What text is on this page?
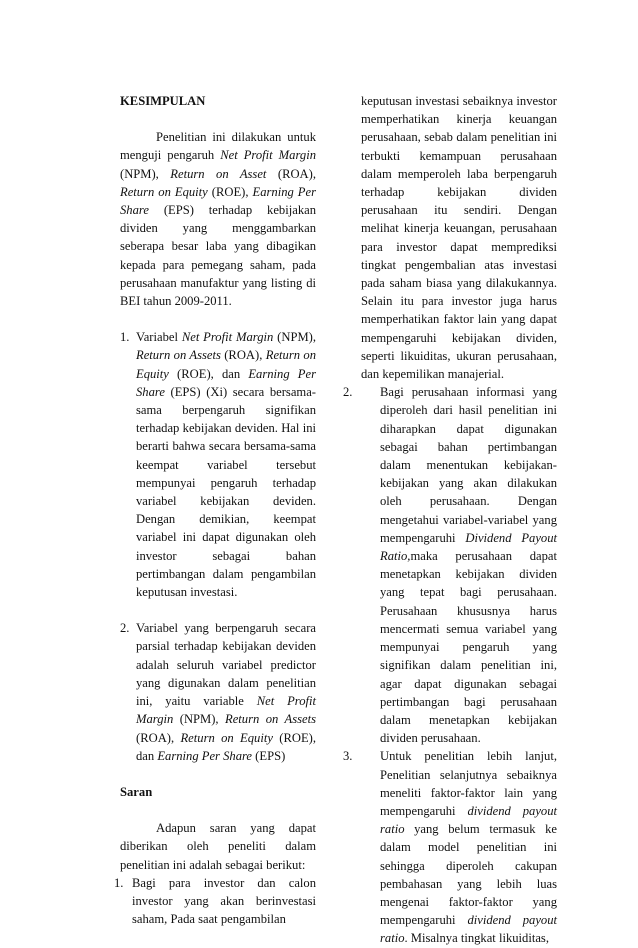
KESIMPULAN

Penelitian ini dilakukan untuk menguji pengaruh Net Profit Margin (NPM), Return on Asset (ROA), Return on Equity (ROE), Earning Per Share (EPS) terhadap kebijakan dividen yang menggambarkan seberapa besar laba yang dibagikan kepada para pemegang saham, pada perusahaan manufaktur yang listing di BEI tahun 2009-2011.

1. Variabel Net Profit Margin (NPM), Return on Assets (ROA), Return on Equity (ROE), dan Earning Per Share (EPS) (Xi) secara bersama-sama berpengaruh signifikan terhadap kebijakan deviden. Hal ini berarti bahwa secara bersama-sama keempat variabel tersebut mempunyai pengaruh terhadap variabel kebijakan deviden. Dengan demikian, keempat variabel ini dapat digunakan oleh investor sebagai bahan pertimbangan dalam pengambilan keputusan investasi.
2. Variabel yang berpengaruh secara parsial terhadap kebijakan deviden adalah seluruh variabel predictor yang digunakan dalam penelitian ini, yaitu variable Net Profit Margin (NPM), Return on Assets (ROA), Return on Equity (ROE), dan Earning Per Share (EPS)

Saran

Adapun saran yang dapat diberikan oleh peneliti dalam penelitian ini adalah sebagai berikut:

1. Bagi para investor dan calon investor yang akan berinvestasi saham, Pada saat pengambilan

keputusan investasi sebaiknya investor memperhatikan kinerja keuangan perusahaan, sebab dalam penelitian ini terbukti kemampuan perusahaan dalam memperoleh laba berpengaruh terhadap kebijakan dividen perusahaan itu sendiri. Dengan melihat kinerja keuangan, perusahaan para investor dapat memprediksi tingkat pengembalian atas investasi pada saham biasa yang dilakukannya. Selain itu para investor juga harus memperhatikan faktor lain yang dapat mempengaruhi kebijakan dividen, seperti likuiditas, ukuran perusahaan, dan kepemilikan manajerial.

2. Bagi perusahaan informasi yang diperoleh dari hasil penelitian ini diharapkan dapat digunakan sebagai bahan pertimbangan dalam menentukan kebijakan-kebijakan yang akan dilakukan oleh perusahaan. Dengan mengetahui variabel-variabel yang mempengaruhi Dividend Payout Ratio,maka perusahaan dapat menetapkan kebijakan dividen yang tepat bagi perusahaan. Perusahaan khususnya harus mencermati semua variabel yang mempunyai pengaruh yang signifikan dalam penelitian ini, agar dapat digunakan sebagai pertimbangan bagi perusahaan dalam menetapkan kebijakan dividen perusahaan.
3. Untuk penelitian lebih lanjut, Penelitian selanjutnya sebaiknya meneliti faktor-faktor lain yang mempengaruhi dividend payout ratio yang belum termasuk ke dalam model penelitian ini sehingga diperoleh cakupan pembahasan yang lebih luas mengenai faktor-faktor yang mempengaruhi dividend payout ratio. Misalnya tingkat likuiditas,
